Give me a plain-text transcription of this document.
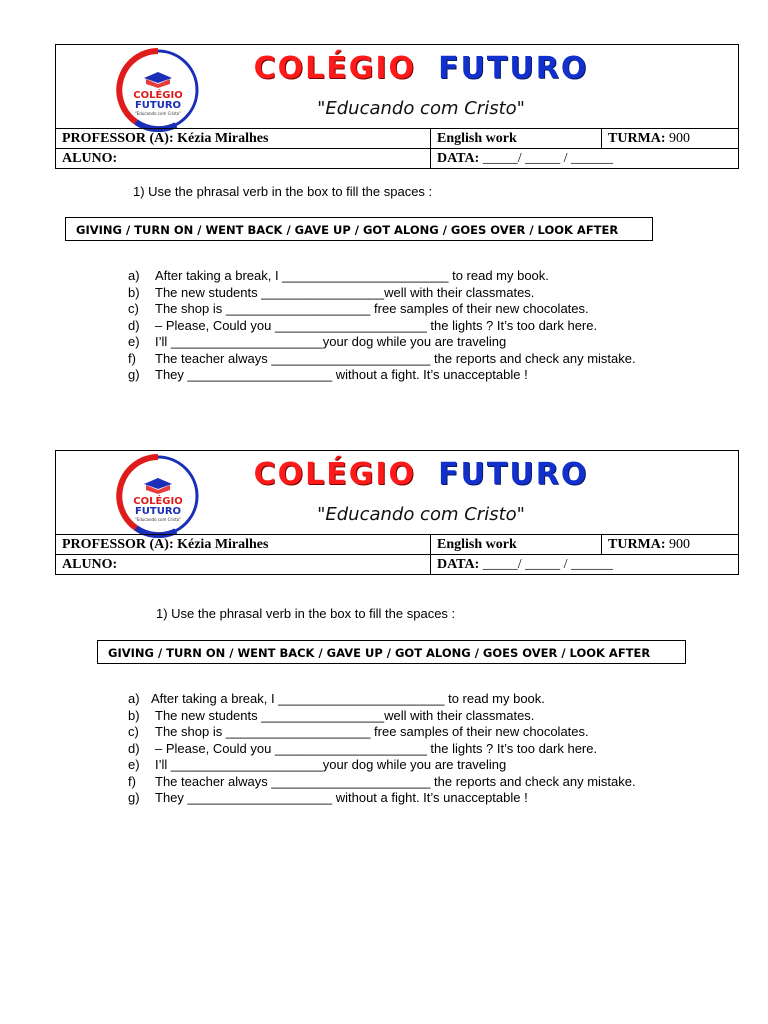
COLÉGIO
FUTURO
"Educando com Cristo"
COLÉGIO FUTURO
"Educando com Cristo"
PROFESSOR (A): Kézia Miralhes	English work	TURMA: 900
ALUNO:	DATA: _____/ _____ / ______	
1) Use the phrasal verb in the box to fill the spaces :
GIVING / TURN ON / WENT BACK / GAVE UP / GOT ALONG / GOES OVER / LOOK AFTER
a) After taking a break, I _______________________ to read my book.
b) The new students _________________well with their classmates.
c) The shop is ____________________ free samples of their new chocolates.
d) – Please, Could you _____________________ the lights ? It’s too dark here.
e) I’ll _____________________your dog while you are traveling
f) The teacher always ______________________ the reports and check any mistake.
g) They ____________________ without a fight. It’s unacceptable !
COLÉGIO
FUTURO
"Educando com Cristo"
COLÉGIO FUTURO
"Educando com Cristo"
PROFESSOR (A): Kézia Miralhes	English work	TURMA: 900
ALUNO:	DATA: _____/ _____ / ______	
1) Use the phrasal verb in the box to fill the spaces :
GIVING / TURN ON / WENT BACK / GAVE UP / GOT ALONG / GOES OVER / LOOK AFTER
a) After taking a break, I _______________________ to read my book.
b) The new students _________________well with their classmates.
c) The shop is ____________________ free samples of their new chocolates.
d) – Please, Could you _____________________ the lights ? It’s too dark here.
e) I’ll _____________________your dog while you are traveling
f) The teacher always ______________________ the reports and check any mistake.
g) They ____________________ without a fight. It’s unacceptable !
